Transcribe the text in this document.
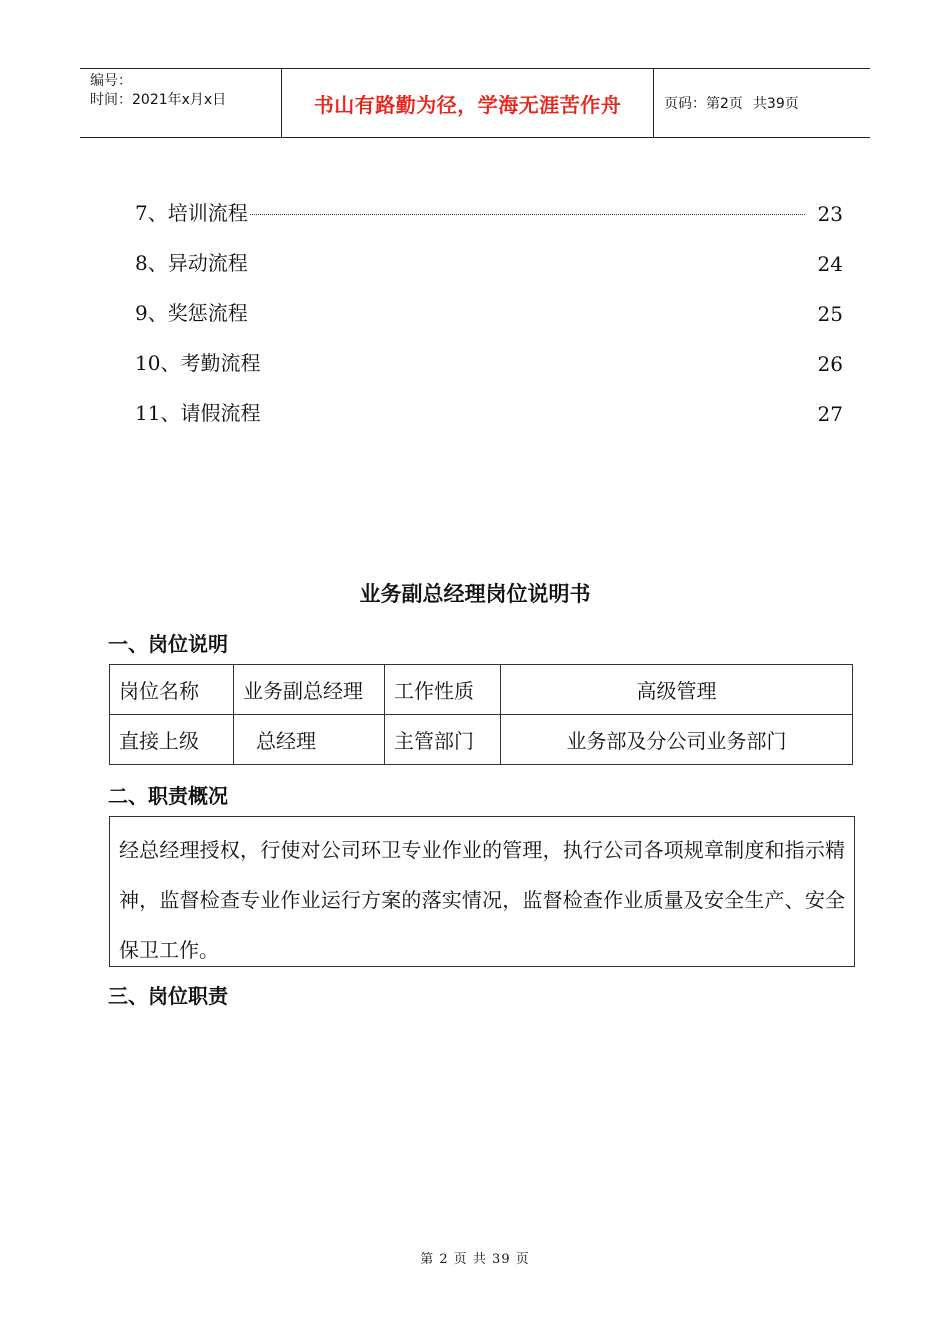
编号：
时间：2021年x月x日	书山有路勤为径，学海无涯苦作舟	页码：第2页 共39页
7、培训流程	23
8、异动流程	24
9、奖惩流程	25
10、考勤流程	26
11、请假流程	27
业务副总经理岗位说明书
一、岗位说明
岗位名称	业务副总经理	工作性质	高级管理
直接上级	总经理	主管部门	业务部及分公司业务部门
二、职责概况
经总经理授权，行使对公司环卫专业作业的管理，执行公司各项规章制度和指示精神，监督检查专业作业运行方案的落实情况，监督检查作业质量及安全生产、安全保卫工作。
三、岗位职责
第 2 页 共 39 页
